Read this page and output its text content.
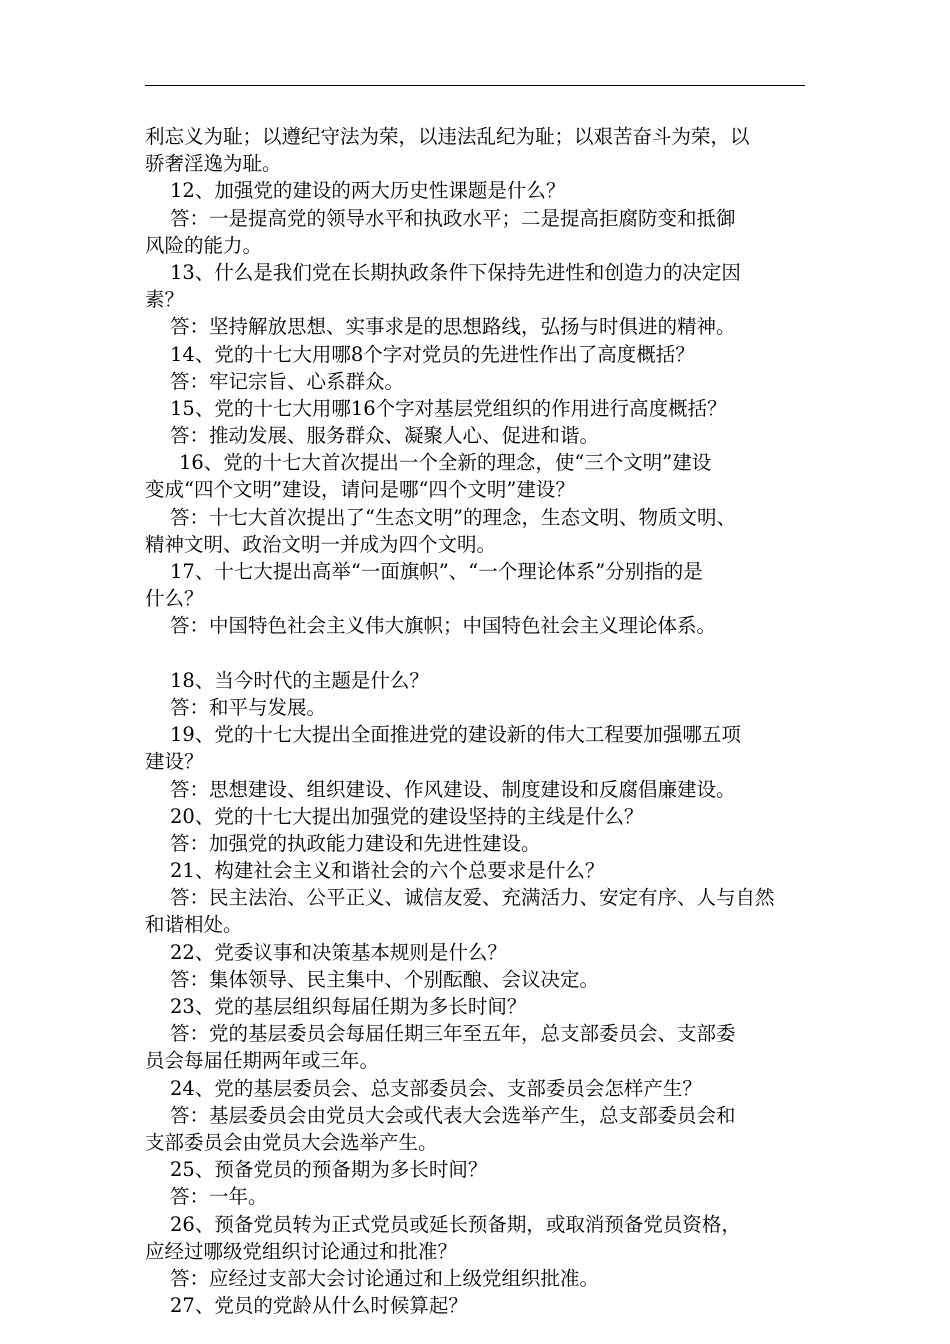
利忘义为耻；以遵纪守法为荣，以违法乱纪为耻；以艰苦奋斗为荣，以
骄奢淫逸为耻。
12、加强党的建设的两大历史性课题是什么？
答：一是提高党的领导水平和执政水平；二是提高拒腐防变和抵御
风险的能力。
13、什么是我们党在长期执政条件下保持先进性和创造力的决定因
素？
答：坚持解放思想、实事求是的思想路线，弘扬与时俱进的精神。
14、党的十七大用哪8个字对党员的先进性作出了高度概括？
答：牢记宗旨、心系群众。
15、党的十七大用哪16个字对基层党组织的作用进行高度概括？
答：推动发展、服务群众、凝聚人心、促进和谐。
16、党的十七大首次提出一个全新的理念，使“三个文明”建设
变成“四个文明”建设，请问是哪“四个文明”建设？
答：十七大首次提出了“生态文明”的理念，生态文明、物质文明、
精神文明、政治文明一并成为四个文明。
17、十七大提出高举“一面旗帜”、“一个理论体系”分别指的是
什么？
答：中国特色社会主义伟大旗帜；中国特色社会主义理论体系。
18、当今时代的主题是什么？
答：和平与发展。
19、党的十七大提出全面推进党的建设新的伟大工程要加强哪五项
建设？
答：思想建设、组织建设、作风建设、制度建设和反腐倡廉建设。
20、党的十七大提出加强党的建设坚持的主线是什么？
答：加强党的执政能力建设和先进性建设。
21、构建社会主义和谐社会的六个总要求是什么？
答：民主法治、公平正义、诚信友爱、充满活力、安定有序、人与自然
和谐相处。
22、党委议事和决策基本规则是什么？
答：集体领导、民主集中、个别酝酿、会议决定。
23、党的基层组织每届任期为多长时间？
答：党的基层委员会每届任期三年至五年，总支部委员会、支部委
员会每届任期两年或三年。
24、党的基层委员会、总支部委员会、支部委员会怎样产生？
答：基层委员会由党员大会或代表大会选举产生，总支部委员会和
支部委员会由党员大会选举产生。
25、预备党员的预备期为多长时间？
答：一年。
26、预备党员转为正式党员或延长预备期，或取消预备党员资格，
应经过哪级党组织讨论通过和批准？
答：应经过支部大会讨论通过和上级党组织批准。
27、党员的党龄从什么时候算起？
